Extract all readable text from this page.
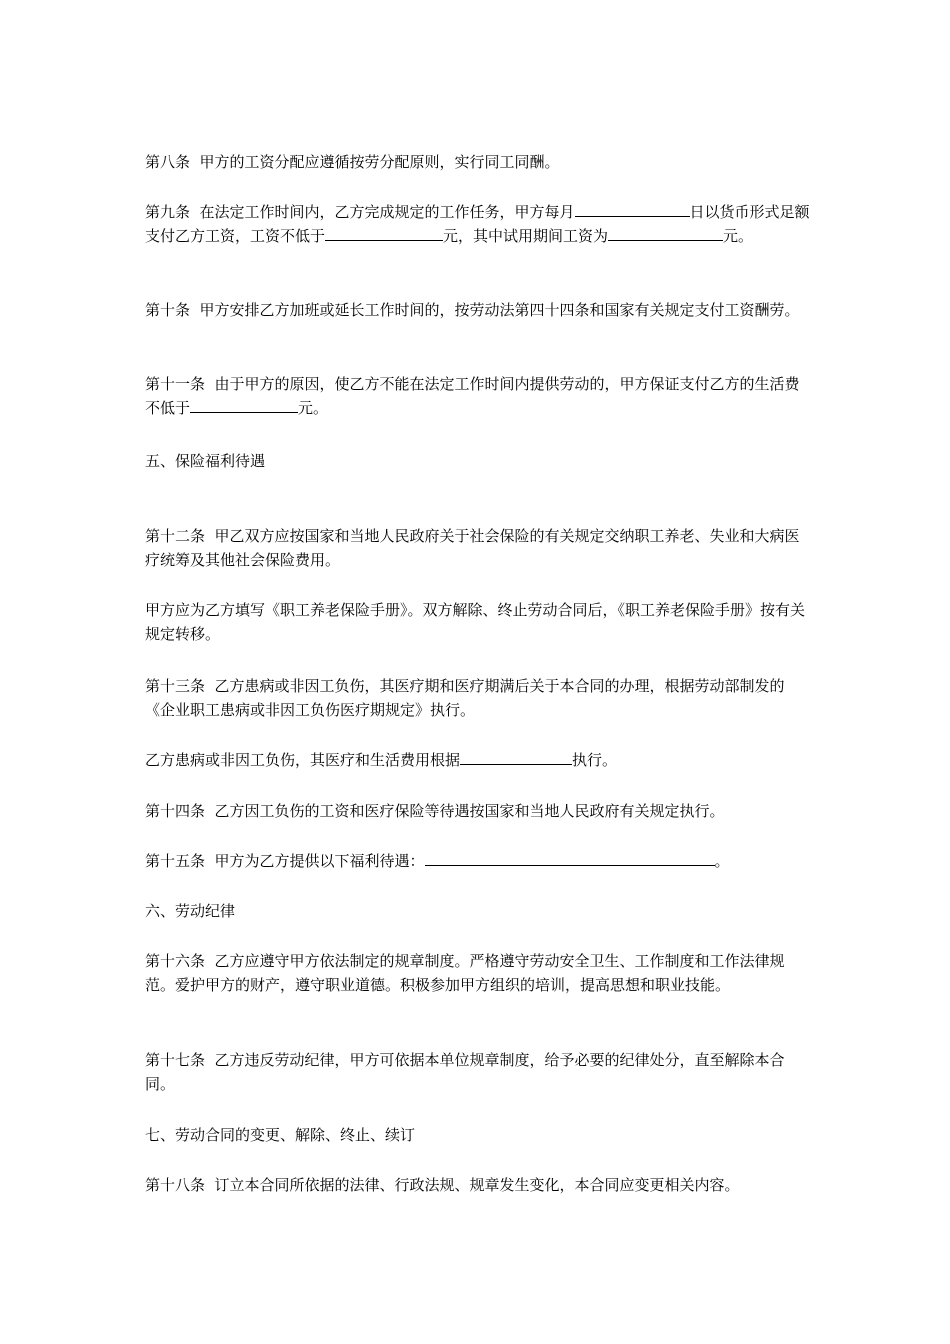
第八条  甲方的工资分配应遵循按劳分配原则，实行同工同酬。

第九条  在法定工作时间内，乙方完成规定的工作任务，甲方每月	日以货币形式足额支付乙方工资，工资不低于	元，其中试用期间工资为	元。

第十条  甲方安排乙方加班或延长工作时间的，按劳动法第四十四条和国家有关规定支付工资酬劳。

第十一条  由于甲方的原因，使乙方不能在法定工作时间内提供劳动的，甲方保证支付乙方的生活费不低于	元。

五、保险福利待遇

第十二条  甲乙双方应按国家和当地人民政府关于社会保险的有关规定交纳职工养老、失业和大病医疗统筹及其他社会保险费用。

甲方应为乙方填写《职工养老保险手册》。双方解除、终止劳动合同后，《职工养老保险手册》按有关规定转移。

第十三条  乙方患病或非因工负伤，其医疗期和医疗期满后关于本合同的办理，根据劳动部制发的《企业职工患病或非因工负伤医疗期规定》执行。

乙方患病或非因工负伤，其医疗和生活费用根据	执行。

第十四条  乙方因工负伤的工资和医疗保险等待遇按国家和当地人民政府有关规定执行。

第十五条  甲方为乙方提供以下福利待遇：	。

六、劳动纪律

第十六条  乙方应遵守甲方依法制定的规章制度。严格遵守劳动安全卫生、工作制度和工作法律规范。爱护甲方的财产，遵守职业道德。积极参加甲方组织的培训，提高思想和职业技能。

第十七条  乙方违反劳动纪律，甲方可依据本单位规章制度，给予必要的纪律处分，直至解除本合同。

七、劳动合同的变更、解除、终止、续订

第十八条  订立本合同所依据的法律、行政法规、规章发生变化，本合同应变更相关内容。
